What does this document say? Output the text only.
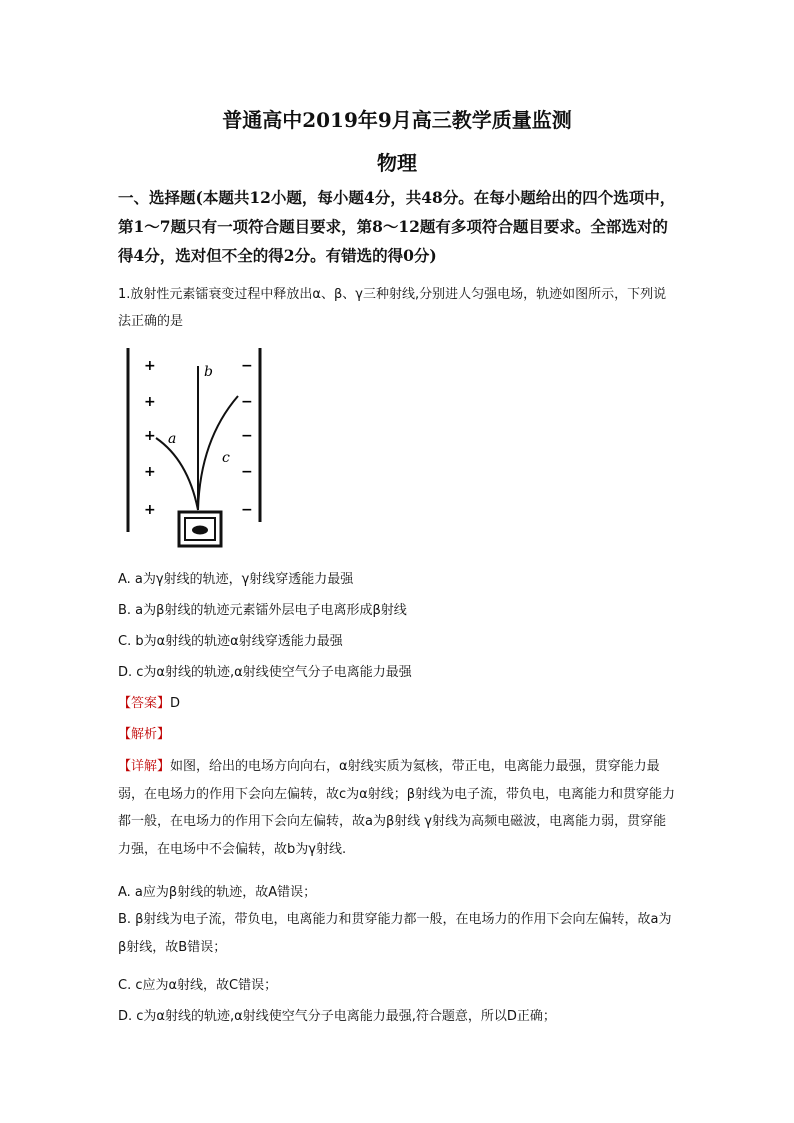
普通高中2019年9月高三教学质量监测
物理
一、选择题(本题共12小题，每小题4分，共48分。在每小题给出的四个选项中，第1～7题只有一项符合题目要求，第8～12题有多项符合题目要求。全部选对的得4分，选对但不全的得2分。有错选的得0分)
1.放射性元素镭衰变过程中释放出α、β、γ三种射线,分别进人匀强电场，轨迹如图所示，下列说法正确的是
+
+
+
+
+
−
−
−
−
−
a
b
c
A. a为γ射线的轨迹，γ射线穿透能力最强
B. a为β射线的轨迹元素镭外层电子电离形成β射线
C. b为α射线的轨迹α射线穿透能力最强
D. c为α射线的轨迹,α射线使空气分子电离能力最强
【答案】D
【解析】
【详解】如图，给出的电场方向向右，α射线实质为氦核，带正电，电离能力最强，贯穿能力最弱，在电场力的作用下会向左偏转，故c为α射线；β射线为电子流，带负电，电离能力和贯穿能力都一般，在电场力的作用下会向左偏转，故a为β射线 γ射线为高频电磁波，电离能力弱，贯穿能力强，在电场中不会偏转，故b为γ射线.
A. a应为β射线的轨迹，故A错误；
B. β射线为电子流，带负电，电离能力和贯穿能力都一般，在电场力的作用下会向左偏转，故a为β射线，故B错误；
C. c应为α射线，故C错误；
D. c为α射线的轨迹,α射线使空气分子电离能力最强,符合题意，所以D正确；
